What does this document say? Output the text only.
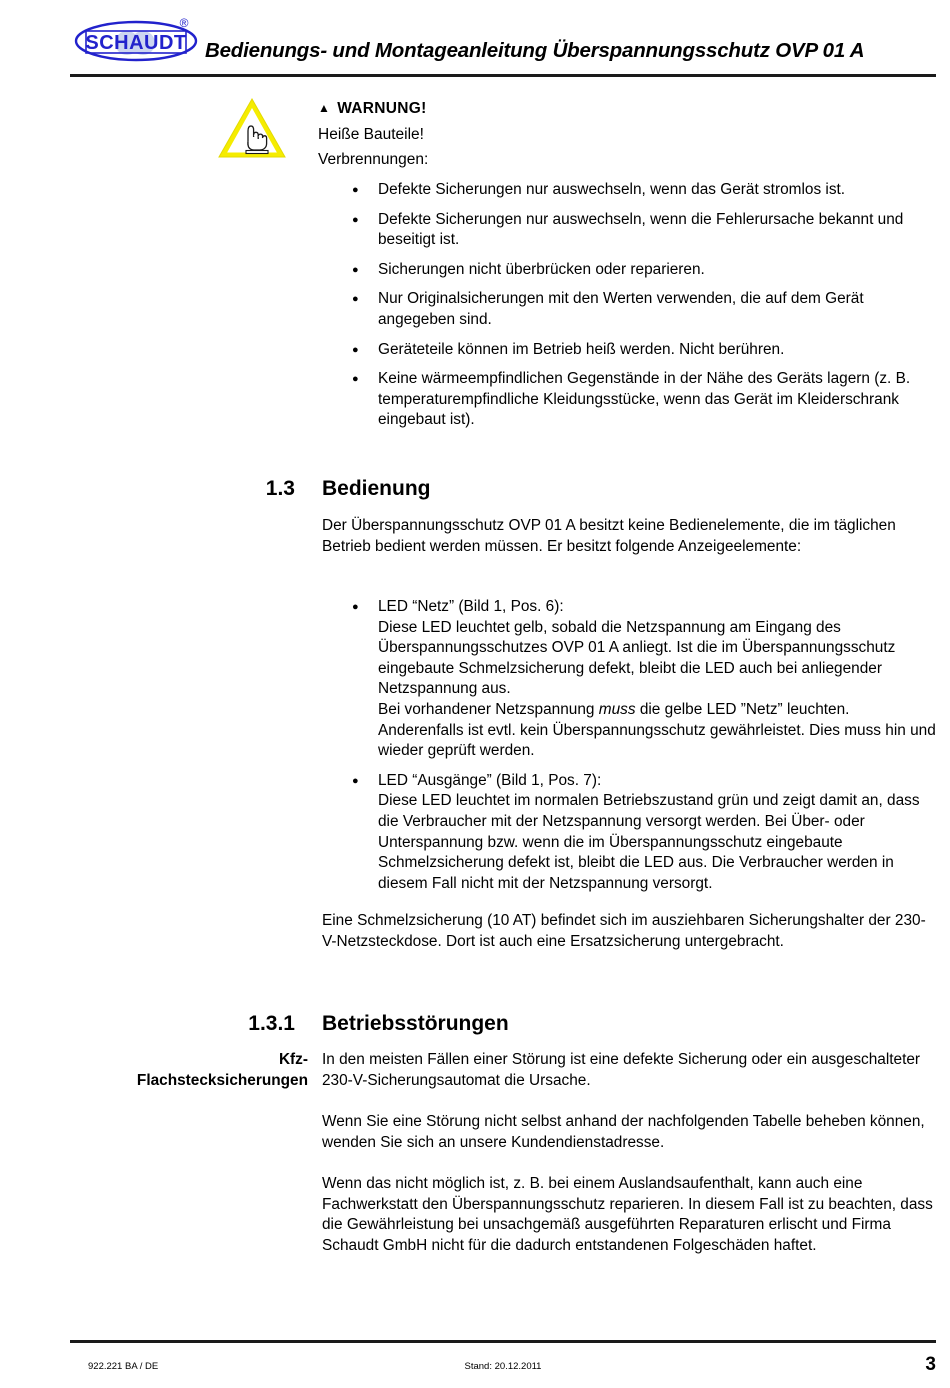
SCHAUDT
®
Bedienungs- und Montageanleitung Überspannungsschutz OVP 01 A
▲ WARNUNG!
Heiße Bauteile!
Verbrennungen:
● Defekte Sicherungen nur auswechseln, wenn das Gerät stromlos ist.
● Defekte Sicherungen nur auswechseln, wenn die Fehlerursache bekannt und beseitigt ist.
● Sicherungen nicht überbrücken oder reparieren.
● Nur Originalsicherungen mit den Werten verwenden, die auf dem Gerät angegeben sind.
● Geräteteile können im Betrieb heiß werden. Nicht berühren.
● Keine wärmeempfindlichen Gegenstände in der Nähe des Geräts lagern (z. B. temperaturempfindliche Kleidungsstücke, wenn das Gerät im Kleiderschrank eingebaut ist).
1.3 Bedienung
Der Überspannungsschutz OVP 01 A besitzt keine Bedienelemente, die im täglichen Betrieb bedient werden müssen. Er besitzt folgende Anzeigeelemente:
● LED “Netz” (Bild 1, Pos. 6):
Diese LED leuchtet gelb, sobald die Netzspannung am Eingang des Überspannungsschutzes OVP 01 A anliegt. Ist die im Überspannungsschutz eingebaute Schmelzsicherung defekt, bleibt die LED auch bei anliegender Netzspannung aus.
Bei vorhandener Netzspannung muss die gelbe LED ”Netz” leuchten. Anderenfalls ist evtl. kein Überspannungsschutz gewährleistet. Dies muss hin und wieder geprüft werden.
● LED “Ausgänge” (Bild 1, Pos. 7):
Diese LED leuchtet im normalen Betriebszustand grün und zeigt damit an, dass die Verbraucher mit der Netzspannung versorgt werden. Bei Über- oder Unterspannung bzw. wenn die im Überspannungsschutz eingebaute Schmelzsicherung defekt ist, bleibt die LED aus. Die Verbraucher werden in diesem Fall nicht mit der Netzspannung versorgt.
Eine Schmelzsicherung (10 AT) befindet sich im ausziehbaren Sicherungshalter der 230-V-Netzsteckdose. Dort ist auch eine Ersatzsicherung untergebracht.
1.3.1 Betriebsstörungen
Kfz-
Flachstecksicherungen
In den meisten Fällen einer Störung ist eine defekte Sicherung oder ein ausgeschalteter 230-V-Sicherungsautomat die Ursache.
Wenn Sie eine Störung nicht selbst anhand der nachfolgenden Tabelle beheben können, wenden Sie sich an unsere Kundendienstadresse.
Wenn das nicht möglich ist, z. B. bei einem Auslandsaufenthalt, kann auch eine Fachwerkstatt den Überspannungsschutz reparieren. In diesem Fall ist zu beachten, dass die Gewährleistung bei unsachgemäß ausgeführten Reparaturen erlischt und Firma Schaudt GmbH nicht für die dadurch entstandenen Folgeschäden haftet.
922.221 BA / DE	Stand: 20.12.2011	3
